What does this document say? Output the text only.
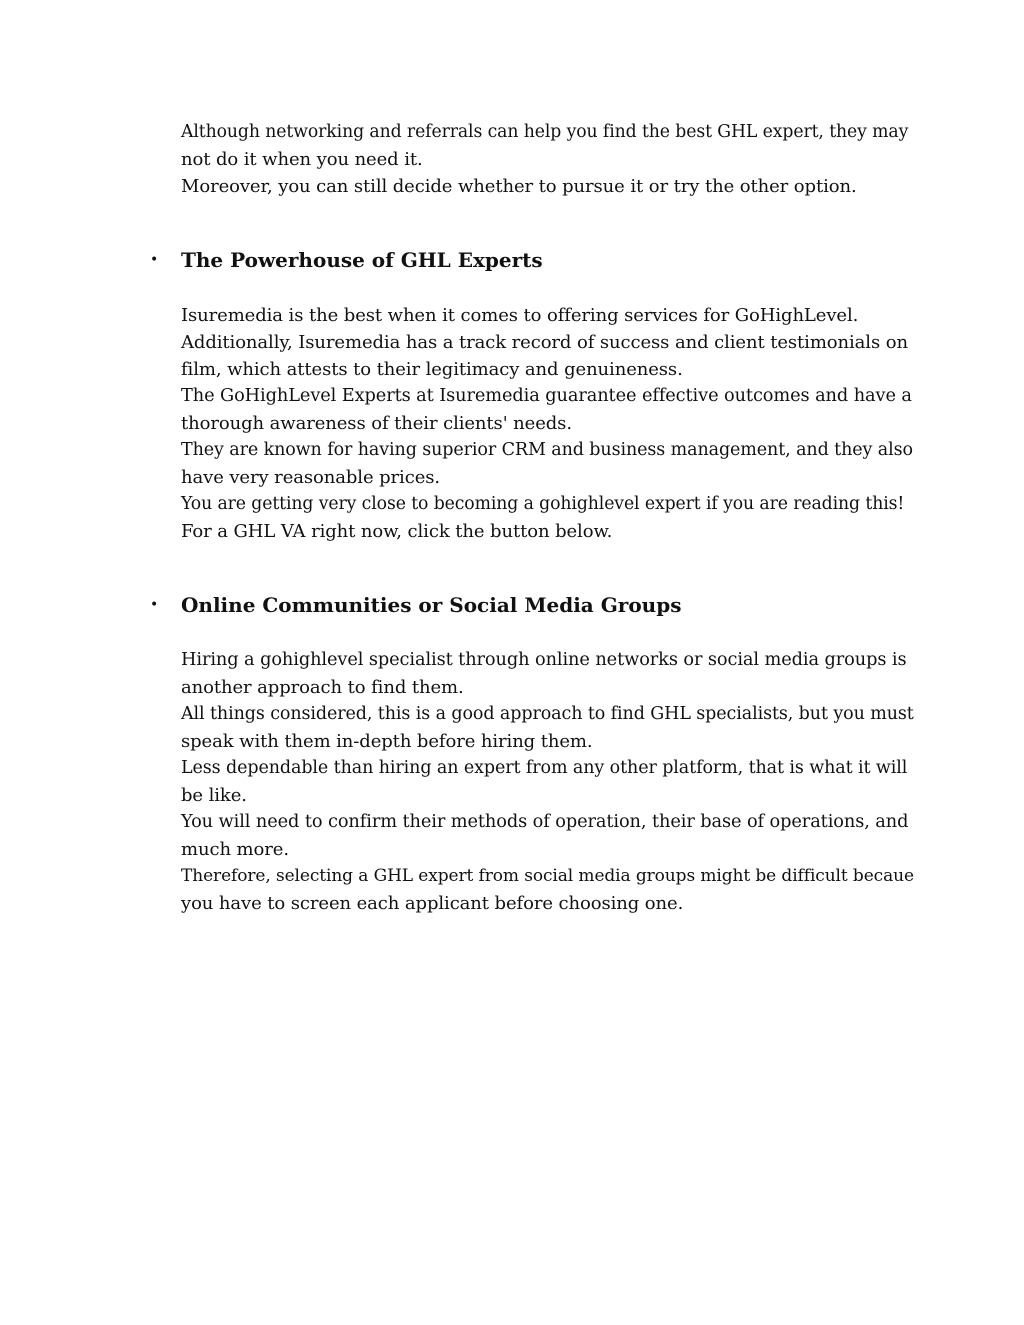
Although networking and referrals can help you find the best GHL expert, they may
not do it when you need it.
Moreover, you can still decide whether to pursue it or try the other option.
• The Powerhouse of GHL Experts
Isuremedia is the best when it comes to offering services for GoHighLevel.
Additionally, Isuremedia has a track record of success and client testimonials on
film, which attests to their legitimacy and genuineness.
The GoHighLevel Experts at Isuremedia guarantee effective outcomes and have a
thorough awareness of their clients' needs.
They are known for having superior CRM and business management, and they also
have very reasonable prices.
You are getting very close to becoming a gohighlevel expert if you are reading this!
For a GHL VA right now, click the button below.
• Online Communities or Social Media Groups
Hiring a gohighlevel specialist through online networks or social media groups is
another approach to find them.
All things considered, this is a good approach to find GHL specialists, but you must
speak with them in-depth before hiring them.
Less dependable than hiring an expert from any other platform, that is what it will
be like.
You will need to confirm their methods of operation, their base of operations, and
much more.
Therefore, selecting a GHL expert from social media groups might be difficult becaue
you have to screen each applicant before choosing one.
